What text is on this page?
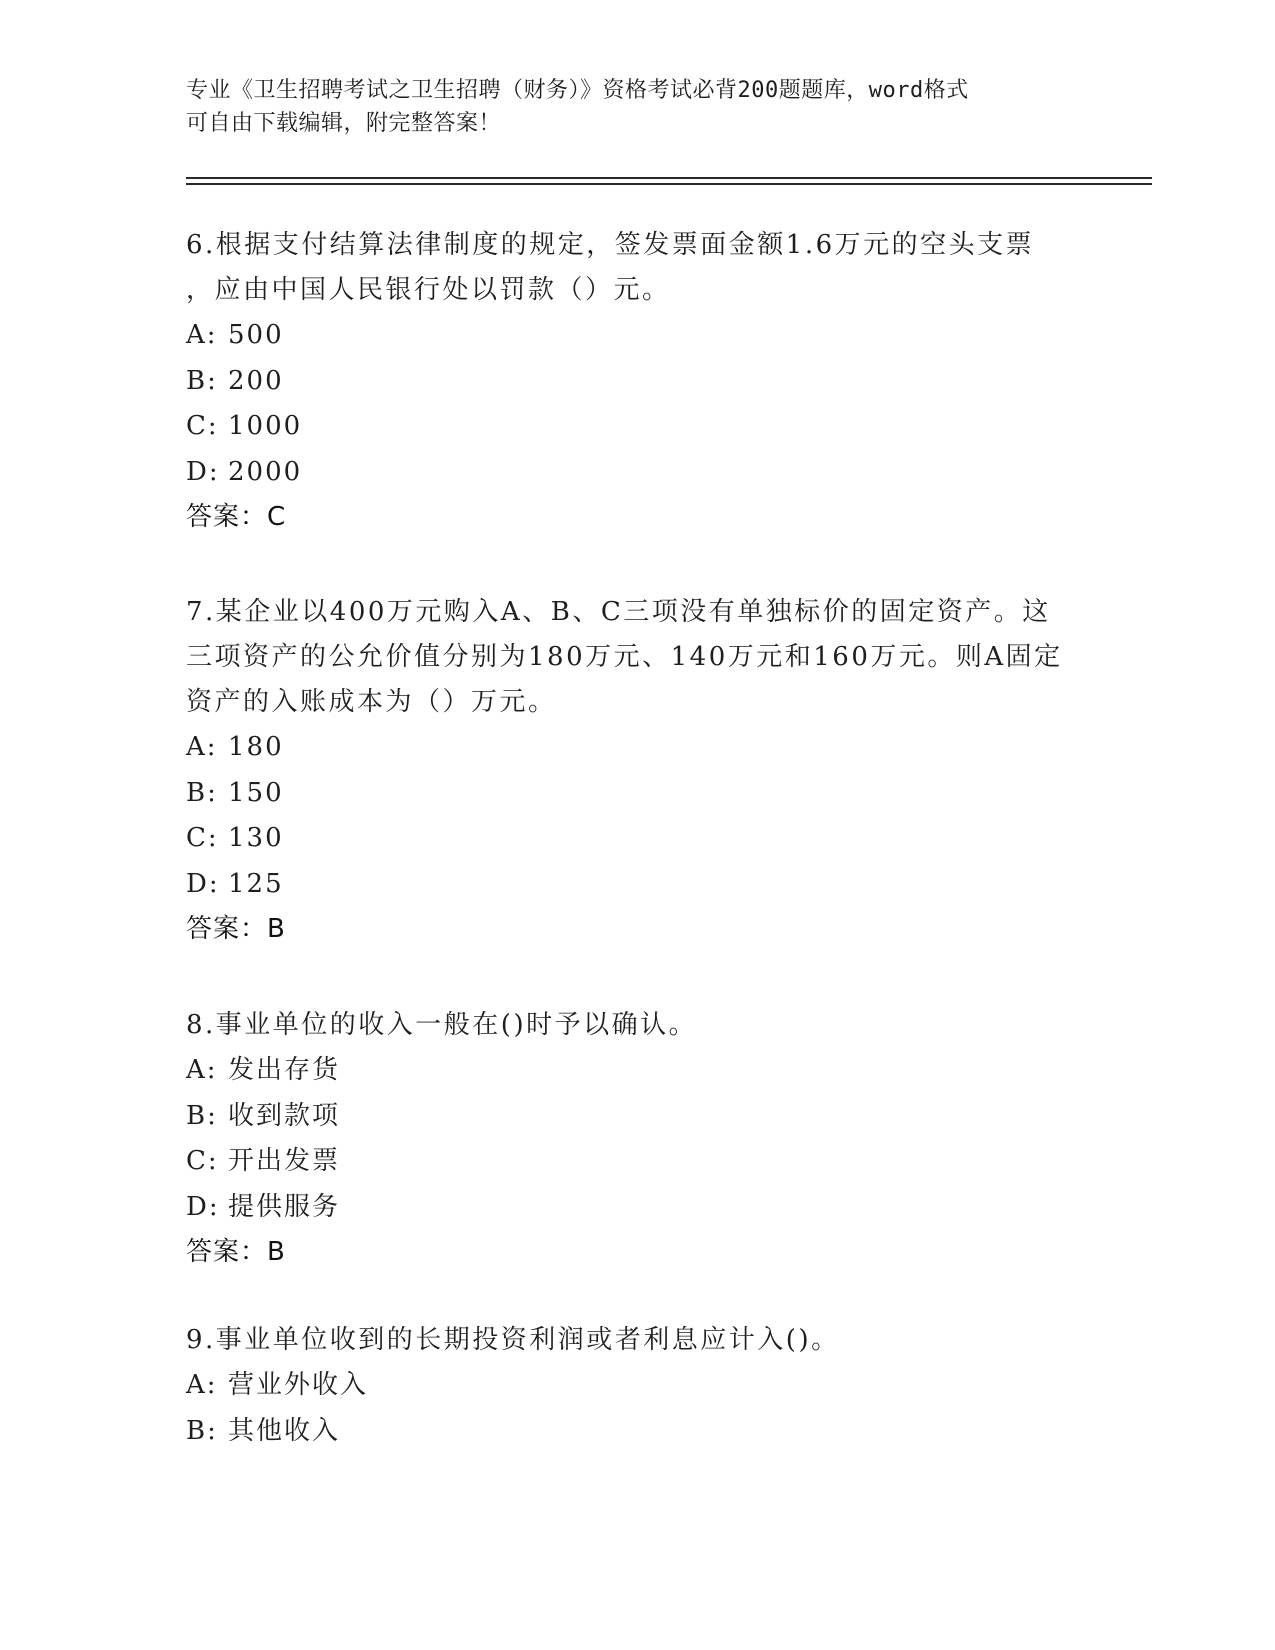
专业《卫生招聘考试之卫生招聘（财务）》资格考试必背200题题库，word格式
可自由下载编辑，附完整答案！
6.根据支付结算法律制度的规定，签发票面金额1.6万元的空头支票
，应由中国人民银行处以罚款（）元。
A: 500
B: 200
C: 1000
D: 2000
答案：C
7.某企业以400万元购入A、B、C三项没有单独标价的固定资产。这
三项资产的公允价值分别为180万元、140万元和160万元。则A固定
资产的入账成本为（）万元。
A: 180
B: 150
C: 130
D: 125
答案：B
8.事业单位的收入一般在()时予以确认。
A: 发出存货
B: 收到款项
C: 开出发票
D: 提供服务
答案：B
9.事业单位收到的长期投资利润或者利息应计入()。
A: 营业外收入
B: 其他收入
